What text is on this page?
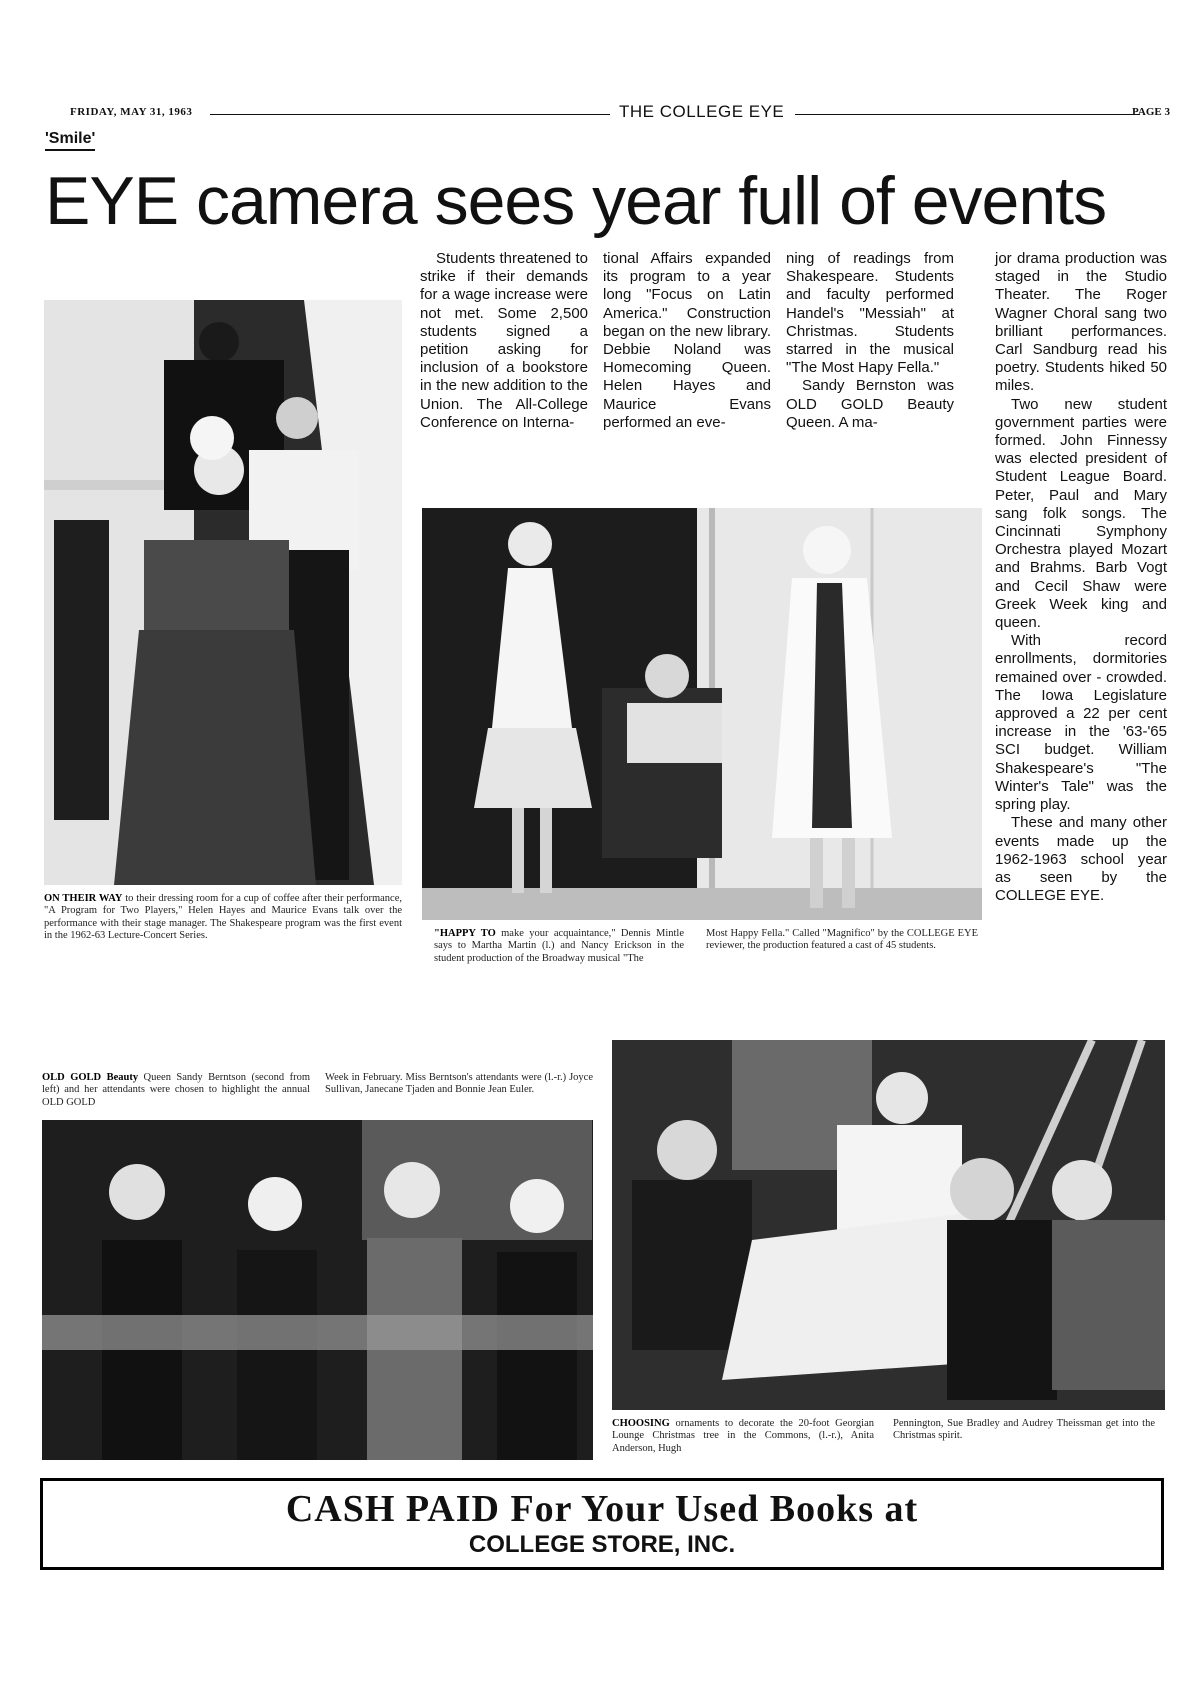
FRIDAY, MAY 31, 1963	THE COLLEGE EYE	PAGE 3
'Smile'
EYE camera sees year full of events

Students threatened to strike if their demands for a wage increase were not met. Some 2,500 students signed a petition asking for inclusion of a bookstore in the new addition to the Union. The All-College Conference on Interna-

tional Affairs expanded its program to a year long "Focus on Latin America." Construction began on the new library. Debbie Noland was Homecoming Queen. Helen Hayes and Maurice Evans performed an eve-

ning of readings from Shakespeare. Students and faculty performed Handel's "Messiah" at Christmas. Students starred in the musical "The Most Hapy Fella."

Sandy Bernston was OLD GOLD Beauty Queen. A ma-

jor drama production was staged in the Studio Theater. The Roger Wagner Choral sang two brilliant performances. Carl Sandburg read his poetry. Students hiked 50 miles.

Two new student government parties were formed. John Finnessy was elected president of Student League Board. Peter, Paul and Mary sang folk songs. The Cincinnati Symphony Orchestra played Mozart and Brahms. Barb Vogt and Cecil Shaw were Greek Week king and queen.

With record enrollments, dormitories remained over - crowded. The Iowa Legislature approved a 22 per cent increase in the '63-'65 SCI budget. William Shakespeare's "The Winter's Tale" was the spring play.

These and many other events made up the 1962-1963 school year as seen by the COLLEGE EYE.

ON THEIR WAY to their dressing room for a cup of coffee after their performance, "A Program for Two Players," Helen Hayes and Maurice Evans talk over the performance with their stage manager. The Shakespeare program was the first event in the 1962-63 Lecture-Concert Series.	"HAPPY TO make your acquaintance," Dennis Mintle says to Martha Martin (l.) and Nancy Erickson in the student production of the Broadway musical "The
Most Happy Fella." Called "Magnifico" by the COLLEGE EYE reviewer, the production featured a cast of 45 students.
OLD GOLD Beauty Queen Sandy Berntson (second from left) and her attendants were chosen to highlight the annual OLD GOLD
Week in February. Miss Berntson's attendants were (l.-r.) Joyce Sullivan, Janecane Tjaden and Bonnie Jean Euler.
CHOOSING ornaments to decorate the 20-foot Georgian Lounge Christmas tree in the Commons, (l.-r.), Anita Anderson, Hugh
Pennington, Sue Bradley and Audrey Theissman get into the Christmas spirit.
CASH PAID For Your Used Books at
COLLEGE STORE, INC.
